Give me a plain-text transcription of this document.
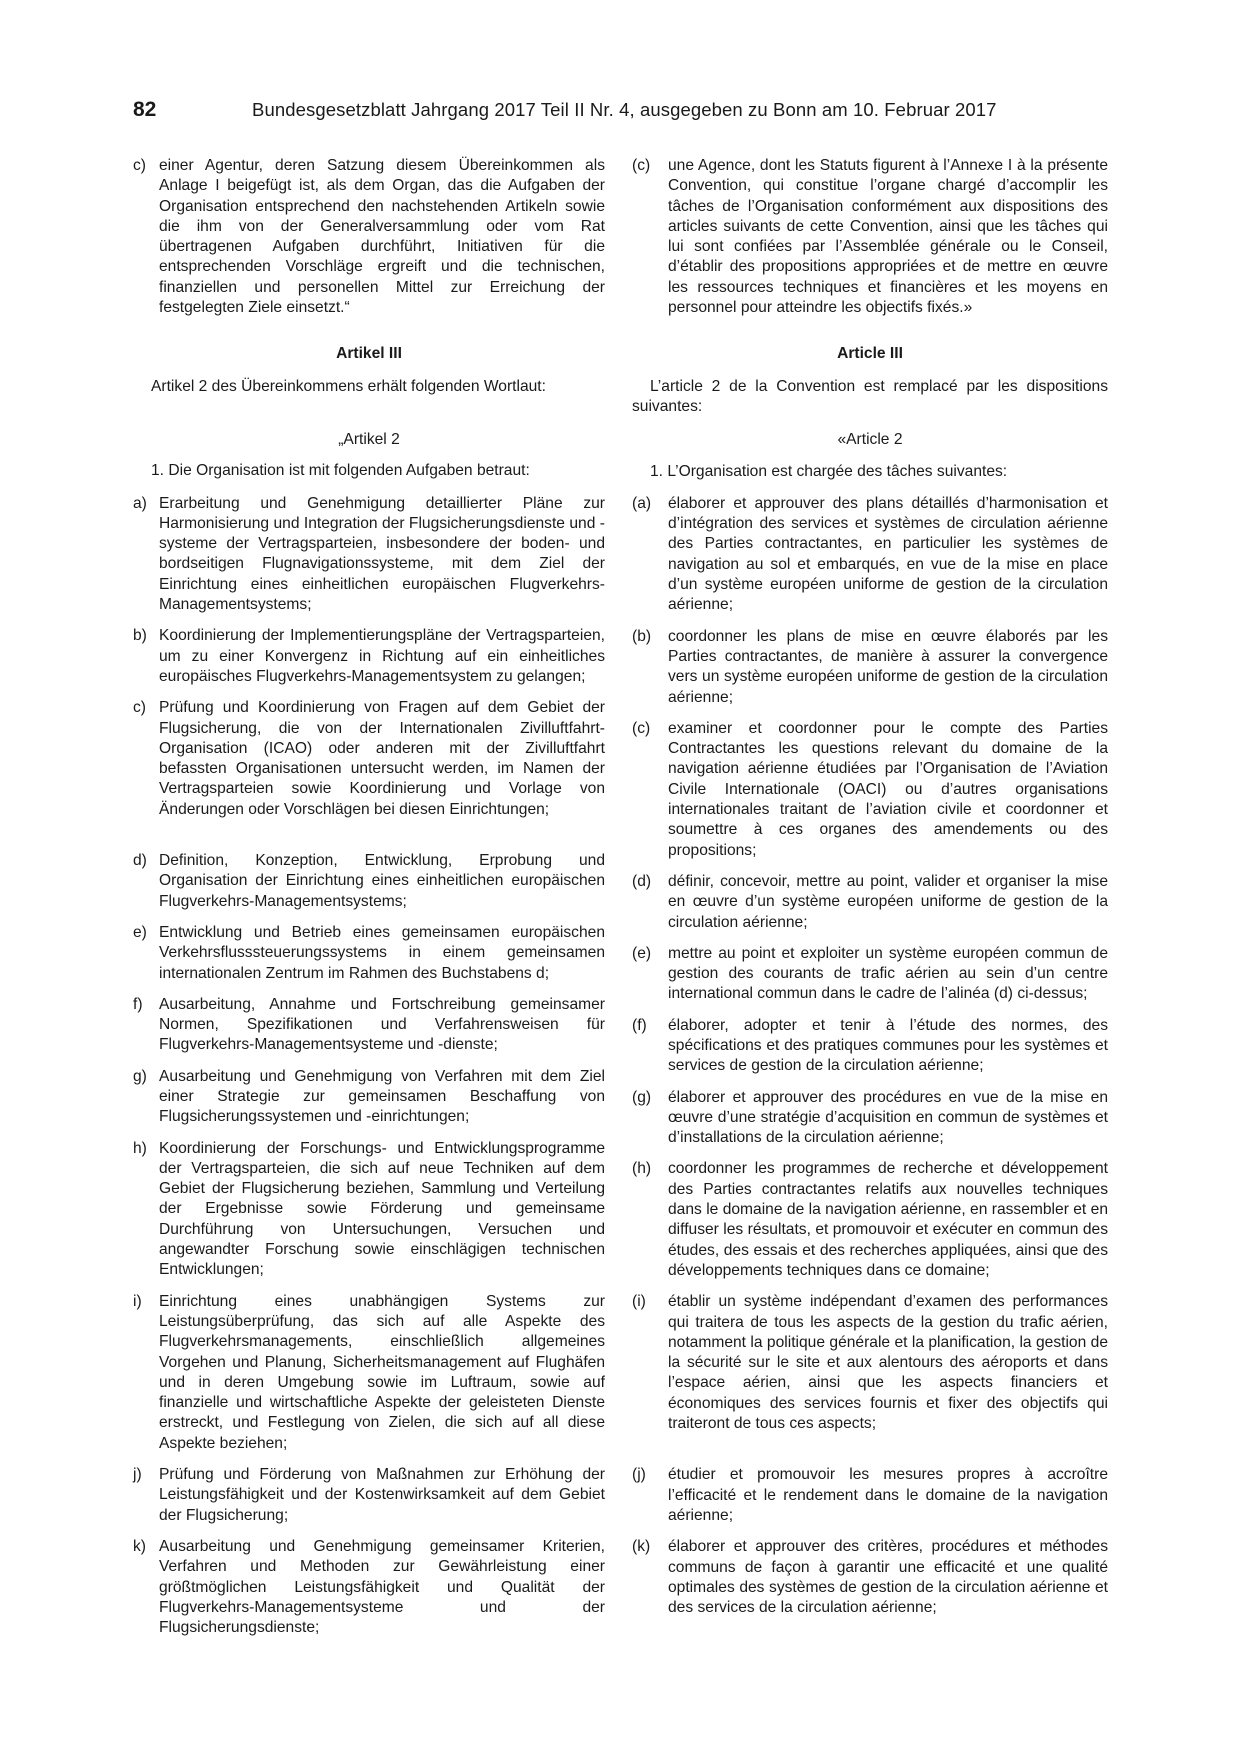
82	Bundesgesetzblatt Jahrgang 2017 Teil II Nr. 4, ausgegeben zu Bonn am 10. Februar 2017
c) einer Agentur, deren Satzung diesem Übereinkommen als Anlage I beigefügt ist, als dem Organ, das die Aufgaben der Organisation entsprechend den nachstehenden Artikeln sowie die ihm von der Generalversammlung oder vom Rat übertragenen Aufgaben durchführt, Initiativen für die entsprechenden Vorschläge ergreift und die technischen, finanziellen und personellen Mittel zur Erreichung der festgelegten Ziele einsetzt.“
Artikel III
Artikel 2 des Übereinkommens erhält folgenden Wortlaut:
„Artikel 2
1. Die Organisation ist mit folgenden Aufgaben betraut:
a) Erarbeitung und Genehmigung detaillierter Pläne zur Harmonisierung und Integration der Flugsicherungsdienste und -systeme der Vertragsparteien, insbesondere der boden- und bordseitigen Flugnavigationssysteme, mit dem Ziel der Einrichtung eines einheitlichen europäischen Flugverkehrs-Managementsystems;
b) Koordinierung der Implementierungspläne der Vertragsparteien, um zu einer Konvergenz in Richtung auf ein einheitliches europäisches Flugverkehrs-Managementsystem zu gelangen;
c) Prüfung und Koordinierung von Fragen auf dem Gebiet der Flugsicherung, die von der Internationalen Zivilluftfahrt-Organisation (ICAO) oder anderen mit der Zivilluftfahrt befassten Organisationen untersucht werden, im Namen der Vertragsparteien sowie Koordinierung und Vorlage von Änderungen oder Vorschlägen bei diesen Einrichtungen;
d) Definition, Konzeption, Entwicklung, Erprobung und Organisation der Einrichtung eines einheitlichen europäischen Flugverkehrs-Managementsystems;
e) Entwicklung und Betrieb eines gemeinsamen europäischen Verkehrsflusssteuerungssystems in einem gemeinsamen internationalen Zentrum im Rahmen des Buchstabens d;
f) Ausarbeitung, Annahme und Fortschreibung gemeinsamer Normen, Spezifikationen und Verfahrensweisen für Flugverkehrs-Managementsysteme und -dienste;
g) Ausarbeitung und Genehmigung von Verfahren mit dem Ziel einer Strategie zur gemeinsamen Beschaffung von Flugsicherungssystemen und -einrichtungen;
h) Koordinierung der Forschungs- und Entwicklungsprogramme der Vertragsparteien, die sich auf neue Techniken auf dem Gebiet der Flugsicherung beziehen, Sammlung und Verteilung der Ergebnisse sowie Förderung und gemeinsame Durchführung von Untersuchungen, Versuchen und angewandter Forschung sowie einschlägigen technischen Entwicklungen;
i) Einrichtung eines unabhängigen Systems zur Leistungsüberprüfung, das sich auf alle Aspekte des Flugverkehrsmanagements, einschließlich allgemeines Vorgehen und Planung, Sicherheitsmanagement auf Flughäfen und in deren Umgebung sowie im Luftraum, sowie auf finanzielle und wirtschaftliche Aspekte der geleisteten Dienste erstreckt, und Festlegung von Zielen, die sich auf all diese Aspekte beziehen;
j) Prüfung und Förderung von Maßnahmen zur Erhöhung der Leistungsfähigkeit und der Kostenwirksamkeit auf dem Gebiet der Flugsicherung;
k) Ausarbeitung und Genehmigung gemeinsamer Kriterien, Verfahren und Methoden zur Gewährleistung einer größtmöglichen Leistungsfähigkeit und Qualität der Flugverkehrs-Managementsysteme und der Flugsicherungsdienste;
(c) une Agence, dont les Statuts figurent à l’Annexe I à la présente Convention, qui constitue l’organe chargé d’accomplir les tâches de l’Organisation conformément aux dispositions des articles suivants de cette Convention, ainsi que les tâches qui lui sont confiées par l’Assemblée générale ou le Conseil, d’établir des propositions appropriées et de mettre en œuvre les ressources techniques et financières et les moyens en personnel pour atteindre les objectifs fixés.»
Article III
L’article 2 de la Convention est remplacé par les dispositions suivantes:
«Article 2
1. L’Organisation est chargée des tâches suivantes:
(a) élaborer et approuver des plans détaillés d’harmonisation et d’intégration des services et systèmes de circulation aérienne des Parties contractantes, en particulier les systèmes de navigation au sol et embarqués, en vue de la mise en place d’un système européen uniforme de gestion de la circulation aérienne;
(b) coordonner les plans de mise en œuvre élaborés par les Parties contractantes, de manière à assurer la convergence vers un système européen uniforme de gestion de la circulation aérienne;
(c) examiner et coordonner pour le compte des Parties Contractantes les questions relevant du domaine de la navigation aérienne étudiées par l’Organisation de l’Aviation Civile Internationale (OACI) ou d’autres organisations internationales traitant de l’aviation civile et coordonner et soumettre à ces organes des amendements ou des propositions;
(d) définir, concevoir, mettre au point, valider et organiser la mise en œuvre d’un système européen uniforme de gestion de la circulation aérienne;
(e) mettre au point et exploiter un système européen commun de gestion des courants de trafic aérien au sein d’un centre international commun dans le cadre de l’alinéa (d) ci-dessus;
(f) élaborer, adopter et tenir à l’étude des normes, des spécifications et des pratiques communes pour les systèmes et services de gestion de la circulation aérienne;
(g) élaborer et approuver des procédures en vue de la mise en œuvre d’une stratégie d’acquisition en commun de systèmes et d’installations de la circulation aérienne;
(h) coordonner les programmes de recherche et développement des Parties contractantes relatifs aux nouvelles techniques dans le domaine de la navigation aérienne, en rassembler et en diffuser les résultats, et promouvoir et exécuter en commun des études, des essais et des recherches appliquées, ainsi que des développements techniques dans ce domaine;
(i) établir un système indépendant d’examen des performances qui traitera de tous les aspects de la gestion du trafic aérien, notamment la politique générale et la planification, la gestion de la sécurité sur le site et aux alentours des aéroports et dans l’espace aérien, ainsi que les aspects financiers et économiques des services fournis et fixer des objectifs qui traiteront de tous ces aspects;
(j) étudier et promouvoir les mesures propres à accroître l’efficacité et le rendement dans le domaine de la navigation aérienne;
(k) élaborer et approuver des critères, procédures et méthodes communs de façon à garantir une efficacité et une qualité optimales des systèmes de gestion de la circulation aérienne et des services de la circulation aérienne;
